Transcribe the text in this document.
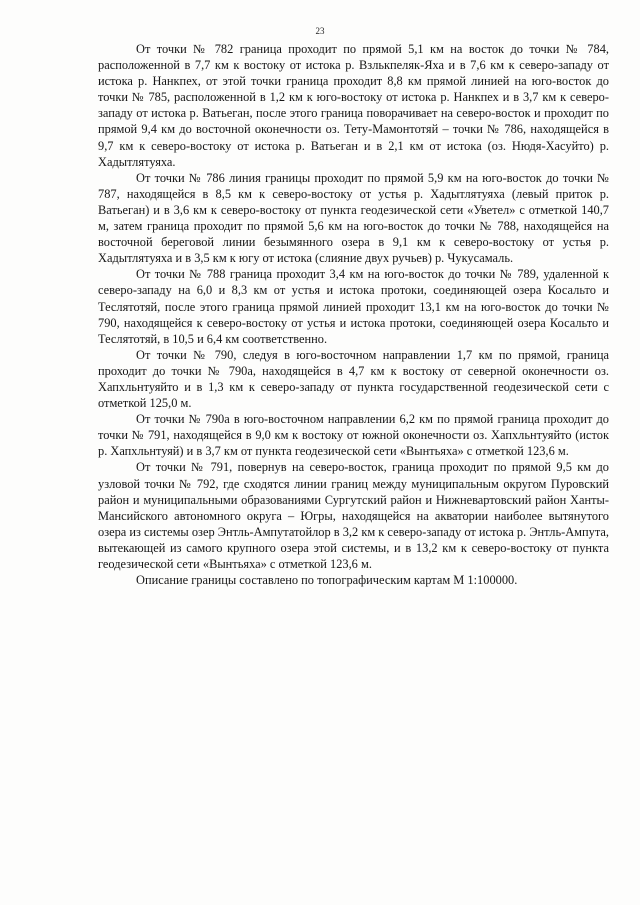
23

От точки № 782 граница проходит по прямой 5,1 км на восток до точки № 784, расположенной в 7,7 км к востоку от истока р. Взлькпеляк-Яха и в 7,6 км к северо-западу от истока р. Нанкпех, от этой точки граница проходит 8,8 км прямой линией на юго-восток до точки № 785, расположенной в 1,2 км к юго-востоку от истока р. Нанкпех и в 3,7 км к северо-западу от истока р. Ватьеган, после этого граница поворачивает на северо-восток и проходит по прямой 9,4 км до восточной оконечности оз. Тету-Мамонтотяй – точки № 786, находящейся в 9,7 км к северо-востоку от истока р. Ватьеган и в 2,1 км от истока (оз. Нюдя-Хасуйто) р. Хадытлятуяха.

От точки № 786 линия границы проходит по прямой 5,9 км на юго-восток до точки № 787, находящейся в 8,5 км к северо-востоку от устья р. Хадытлятуяха (левый приток р. Ватьеган) и в 3,6 км к северо-востоку от пункта геодезической сети «Уветел» с отметкой 140,7 м, затем граница проходит по прямой 5,6 км на юго-восток до точки № 788, находящейся на восточной береговой линии безымянного озера в 9,1 км к северо-востоку от устья р. Хадытлятуяха и в 3,5 км к югу от истока (слияние двух ручьев) р. Чукусамаль.

От точки № 788 граница проходит 3,4 км на юго-восток до точки № 789, удаленной к северо-западу на 6,0 и 8,3 км от устья и истока протоки, соединяющей озера Косальто и Теслятотяй, после этого граница прямой линией проходит 13,1 км на юго-восток до точки № 790, находящейся к северо-востоку от устья и истока протоки, соединяющей озера Косальто и Теслятотяй, в 10,5 и 6,4 км соответственно.

От точки № 790, следуя в юго-восточном направлении 1,7 км по прямой, граница проходит до точки № 790а, находящейся в 4,7 км к востоку от северной оконечности оз. Хапхльнтуяйто и в 1,3 км к северо-западу от пункта государственной геодезической сети с отметкой 125,0 м.

От точки № 790а в юго-восточном направлении 6,2 км по прямой граница проходит до точки № 791, находящейся в 9,0 км к востоку от южной оконечности оз. Хапхльнтуяйто (исток р. Хапхльнтуяй) и в 3,7 км от пункта геодезической сети «Вынтьяха» с отметкой 123,6 м.

От точки № 791, повернув на северо-восток, граница проходит по прямой 9,5 км до узловой точки № 792, где сходятся линии границ между муниципальным округом Пуровский район и муниципальными образованиями Сургутский район и Нижневартовский район Ханты-Мансийского автономного округа – Югры, находящейся на акватории наиболее вытянутого озера из системы озер Энтль-Ампутатойлор в 3,2 км к северо-западу от истока р. Энтль-Ампута, вытекающей из самого крупного озера этой системы, и в 13,2 км к северо-востоку от пункта геодезической сети «Вынтьяха» с отметкой 123,6 м.

Описание границы составлено по топографическим картам М 1:100000.
